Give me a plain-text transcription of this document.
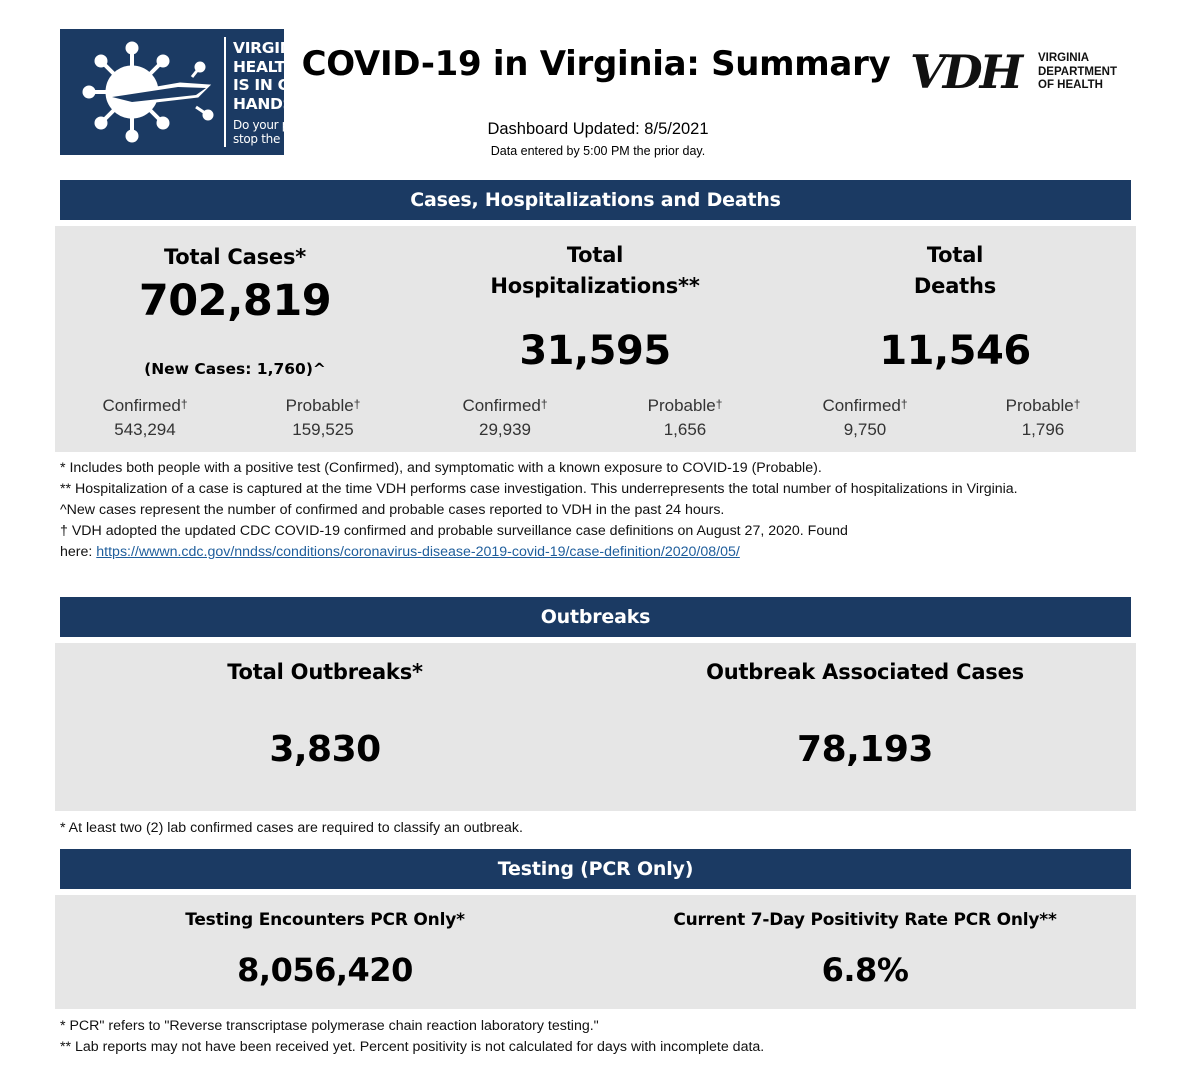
VIRGINIA'S
HEALTH
IS IN OUR
HANDS.
Do your part,
stop the spread.
COVID-19 in Virginia: Summary VDH VIRGINIA
DEPARTMENT
OF HEALTH
Dashboard Updated: 8/5/2021
Data entered by 5:00 PM the prior day.
Cases, Hospitalizations and Deaths
Total Cases*
702,819
(New Cases: 1,760)^
Confirmed†
543,294
Probable†
159,525
Total
Hospitalizations**
31,595
Confirmed†
29,939
Probable†
1,656
Total
Deaths
11,546
Confirmed†
9,750
Probable†
1,796
* Includes both people with a positive test (Confirmed), and symptomatic with a known exposure to COVID-19 (Probable).
** Hospitalization of a case is captured at the time VDH performs case investigation. This underrepresents the total number of hospitalizations in Virginia.
^New cases represent the number of confirmed and probable cases reported to VDH in the past 24 hours.
† VDH adopted the updated CDC COVID-19 confirmed and probable surveillance case definitions on August 27, 2020. Found
here: https://wwwn.cdc.gov/nndss/conditions/coronavirus-disease-2019-covid-19/case-definition/2020/08/05/
Outbreaks
Total Outbreaks*
3,830
Outbreak Associated Cases
78,193
* At least two (2) lab confirmed cases are required to classify an outbreak.
Testing (PCR Only)
Testing Encounters PCR Only*
8,056,420
Current 7-Day Positivity Rate PCR Only**
6.8%
* PCR" refers to "Reverse transcriptase polymerase chain reaction laboratory testing."
** Lab reports may not have been received yet. Percent positivity is not calculated for days with incomplete data.
